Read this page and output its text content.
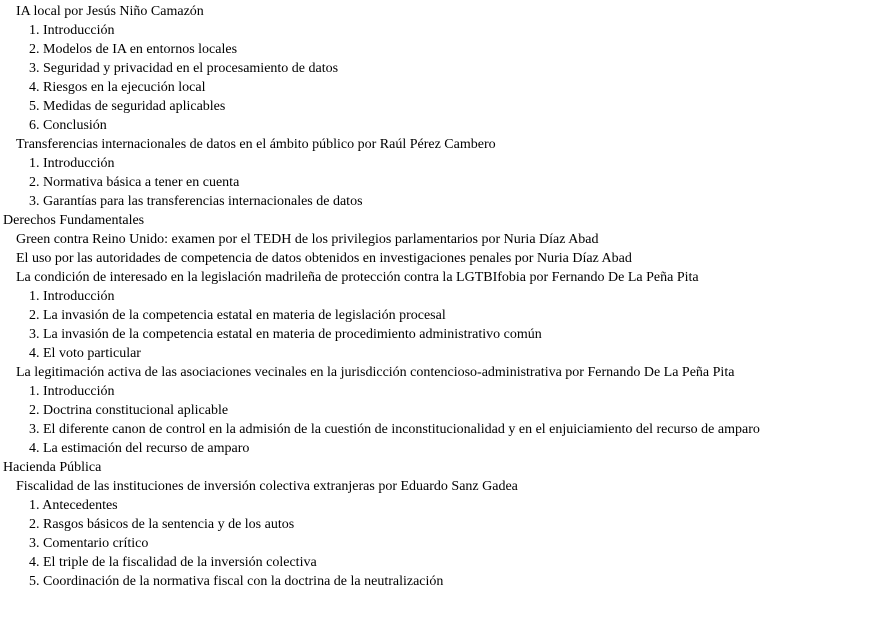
IA local por Jesús Niño Camazón
1. Introducción
2. Modelos de IA en entornos locales
3. Seguridad y privacidad en el procesamiento de datos
4. Riesgos en la ejecución local
5. Medidas de seguridad aplicables
6. Conclusión
Transferencias internacionales de datos en el ámbito público por Raúl Pérez Cambero
1. Introducción
2. Normativa básica a tener en cuenta
3. Garantías para las transferencias internacionales de datos
Derechos Fundamentales
Green contra Reino Unido: examen por el TEDH de los privilegios parlamentarios por Nuria Díaz Abad
El uso por las autoridades de competencia de datos obtenidos en investigaciones penales por Nuria Díaz Abad
La condición de interesado en la legislación madrileña de protección contra la LGTBIfobia por Fernando De La Peña Pita
1. Introducción
2. La invasión de la competencia estatal en materia de legislación procesal
3. La invasión de la competencia estatal en materia de procedimiento administrativo común
4. El voto particular
La legitimación activa de las asociaciones vecinales en la jurisdicción contencioso-administrativa por Fernando De La Peña Pita
1. Introducción
2. Doctrina constitucional aplicable
3. El diferente canon de control en la admisión de la cuestión de inconstitucionalidad y en el enjuiciamiento del recurso de amparo
4. La estimación del recurso de amparo
Hacienda Pública
Fiscalidad de las instituciones de inversión colectiva extranjeras por Eduardo Sanz Gadea
1. Antecedentes
2. Rasgos básicos de la sentencia y de los autos
3. Comentario crítico
4. El triple de la fiscalidad de la inversión colectiva
5. Coordinación de la normativa fiscal con la doctrina de la neutralización
